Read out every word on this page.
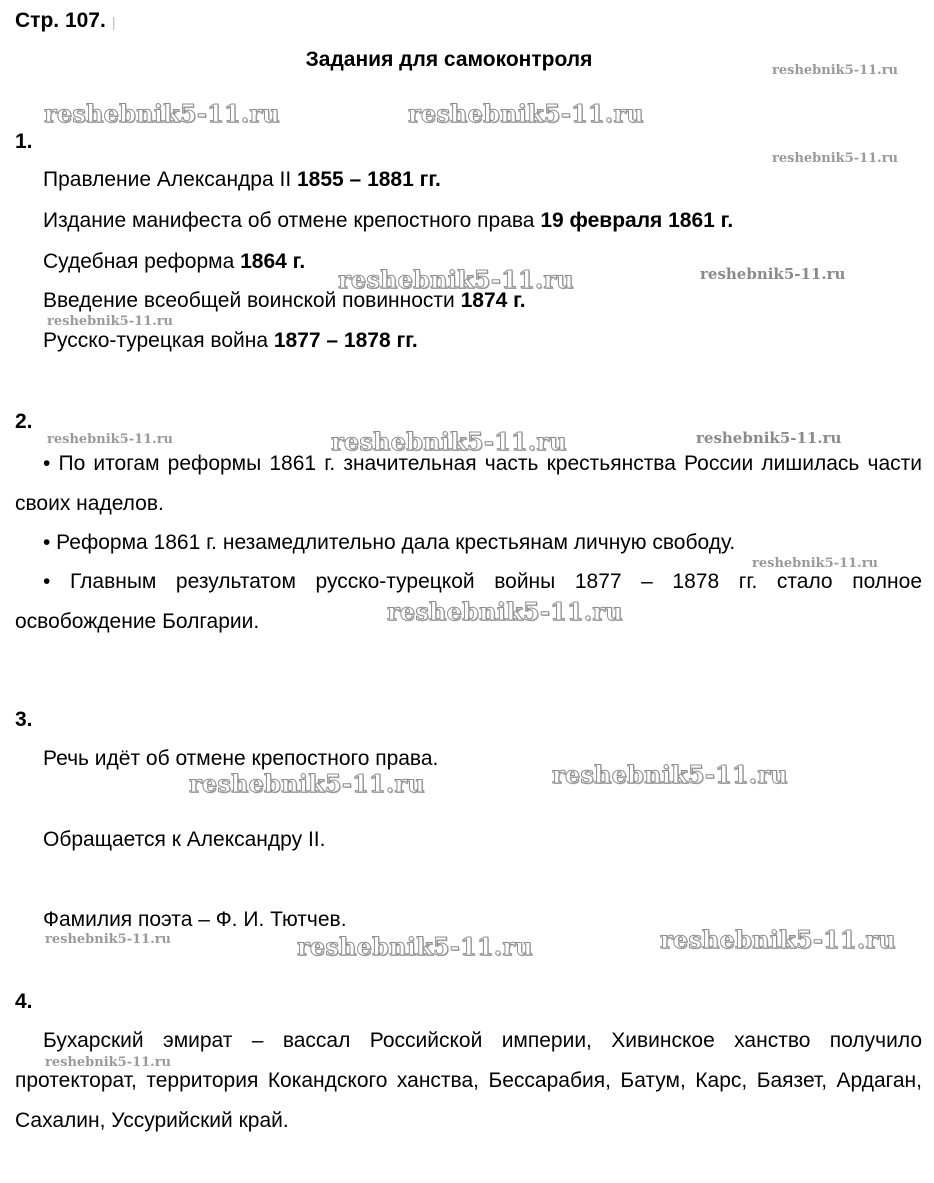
Стр. 107. |
Задания для самоконтроля
1.
Правление Александра II 1855 – 1881 гг.
Издание манифеста об отмене крепостного права 19 февраля 1861 г.
Судебная реформа 1864 г.
Введение всеобщей воинской повинности 1874 г.
Русско-турецкая война 1877 – 1878 гг.
2.
• По итогам реформы 1861 г. значительная часть крестьянства России лишилась части своих наделов.
• Реформа 1861 г. незамедлительно дала крестьянам личную свободу.
• Главным результатом русско-турецкой войны 1877 – 1878 гг. стало полное освобождение Болгарии.
3.
Речь идёт об отмене крепостного права.
Обращается к Александру II.
Фамилия поэта – Ф. И. Тютчев.
4.
Бухарский эмират – вассал Российской империи, Хивинское ханство получило протекторат, территория Кокандского ханства, Бессарабия, Батум, Карс, Баязет, Ардаган, Сахалин, Уссурийский край.
reshebnik5-11.ru
reshebnik5-11.ru	reshebnik5-11.ru
reshebnik5-11.ru
reshebnik5-11.ru	reshebnik5-11.ru
reshebnik5-11.ru
reshebnik5-11.ru	reshebnik5-11.ru	reshebnik5-11.ru
reshebnik5-11.ru
reshebnik5-11.ru
reshebnik5-11.ru
reshebnik5-11.ru
reshebnik5-11.ru	reshebnik5-11.ru	reshebnik5-11.ru
reshebnik5-11.ru
